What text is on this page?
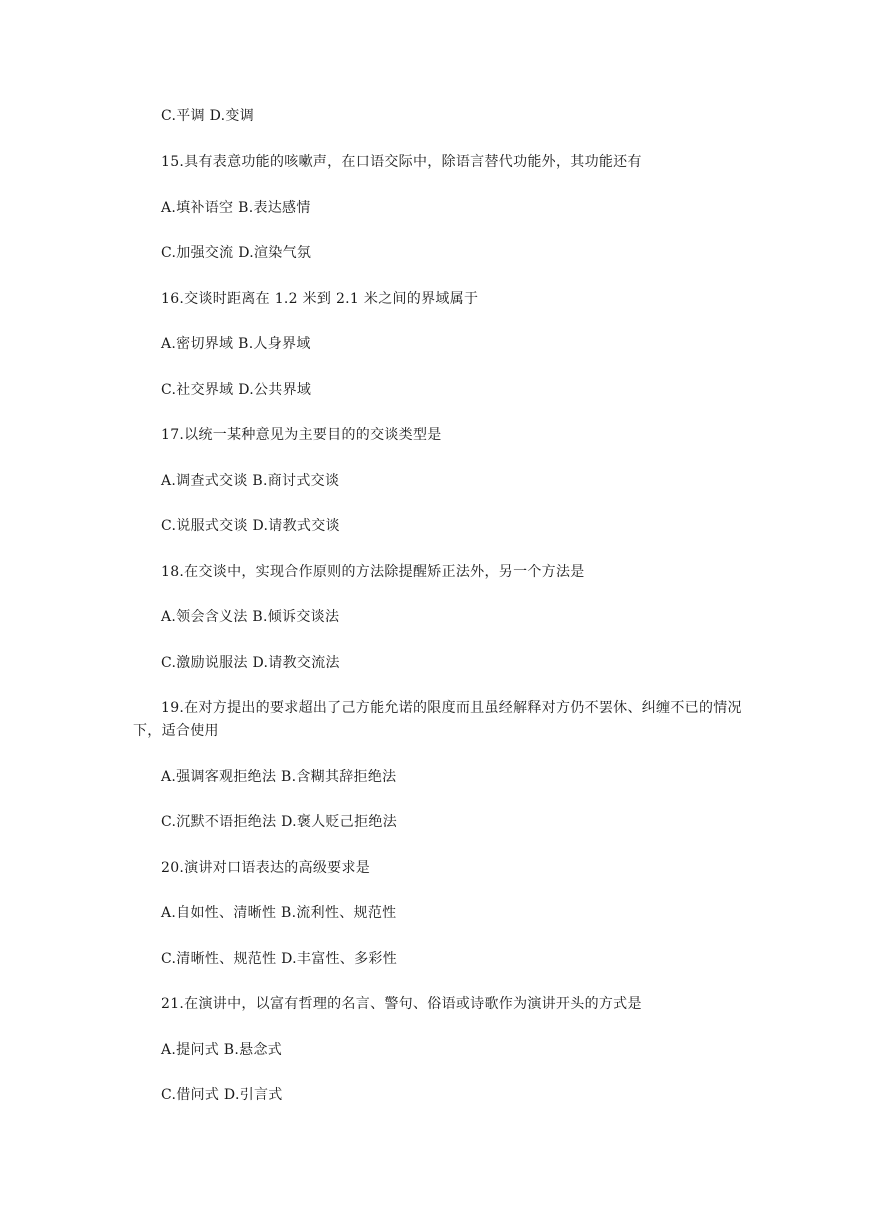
C.平调 D.变调
15.具有表意功能的咳嗽声，在口语交际中，除语言替代功能外，其功能还有
A.填补语空 B.表达感情
C.加强交流 D.渲染气氛
16.交谈时距离在 1.2 米到 2.1 米之间的界域属于
A.密切界域 B.人身界域
C.社交界域 D.公共界域
17.以统一某种意见为主要目的的交谈类型是
A.调查式交谈 B.商讨式交谈
C.说服式交谈 D.请教式交谈
18.在交谈中，实现合作原则的方法除提醒矫正法外，另一个方法是
A.领会含义法 B.倾诉交谈法
C.激励说服法 D.请教交流法
19.在对方提出的要求超出了己方能允诺的限度而且虽经解释对方仍不罢休、纠缠不已的情况下，适合使用
A.强调客观拒绝法 B.含糊其辞拒绝法
C.沉默不语拒绝法 D.褒人贬己拒绝法
20.演讲对口语表达的高级要求是
A.自如性、清晰性 B.流利性、规范性
C.清晰性、规范性 D.丰富性、多彩性
21.在演讲中，以富有哲理的名言、警句、俗语或诗歌作为演讲开头的方式是
A.提问式 B.悬念式
C.借问式 D.引言式
